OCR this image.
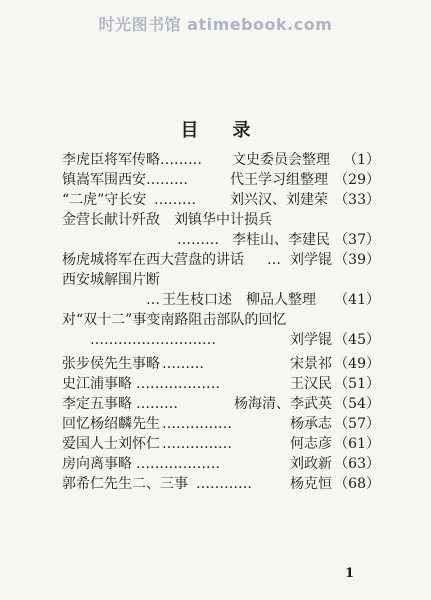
时光图书馆 atimebook.com
目录
李虎臣将军传略 ……… 文史委员会整理 （1）
镇嵩军围西安 ………	代王学习组整理 （29）
“二虎”守长安 ……… 刘兴汉、刘建荣 （33）
金营长献计歼敌　刘镇华中计损兵
……… 李桂山、李建民 （37）
杨虎城将军在西大营盘的讲话 … 刘学锟 （39）
西安城解围片断
… 王生枝口述　柳品人整理 （41）
对“双十二”事变南路阻击部队的回忆
………………………	刘学锟 （45）
张步侯先生事略 ………	宋景祁 （49）
史江浦事略 ………………	王汉民 （51）
李定五事略 ………	杨海清、李武英 （54）
回忆杨绍麟先生 ……………	杨承志 （57）
爱国人士刘怀仁 ……………	何志彦 （61）
房向离事略 ………………	刘政新 （63）
郭希仁先生二、三事 …………	杨克恒 （68）
1
